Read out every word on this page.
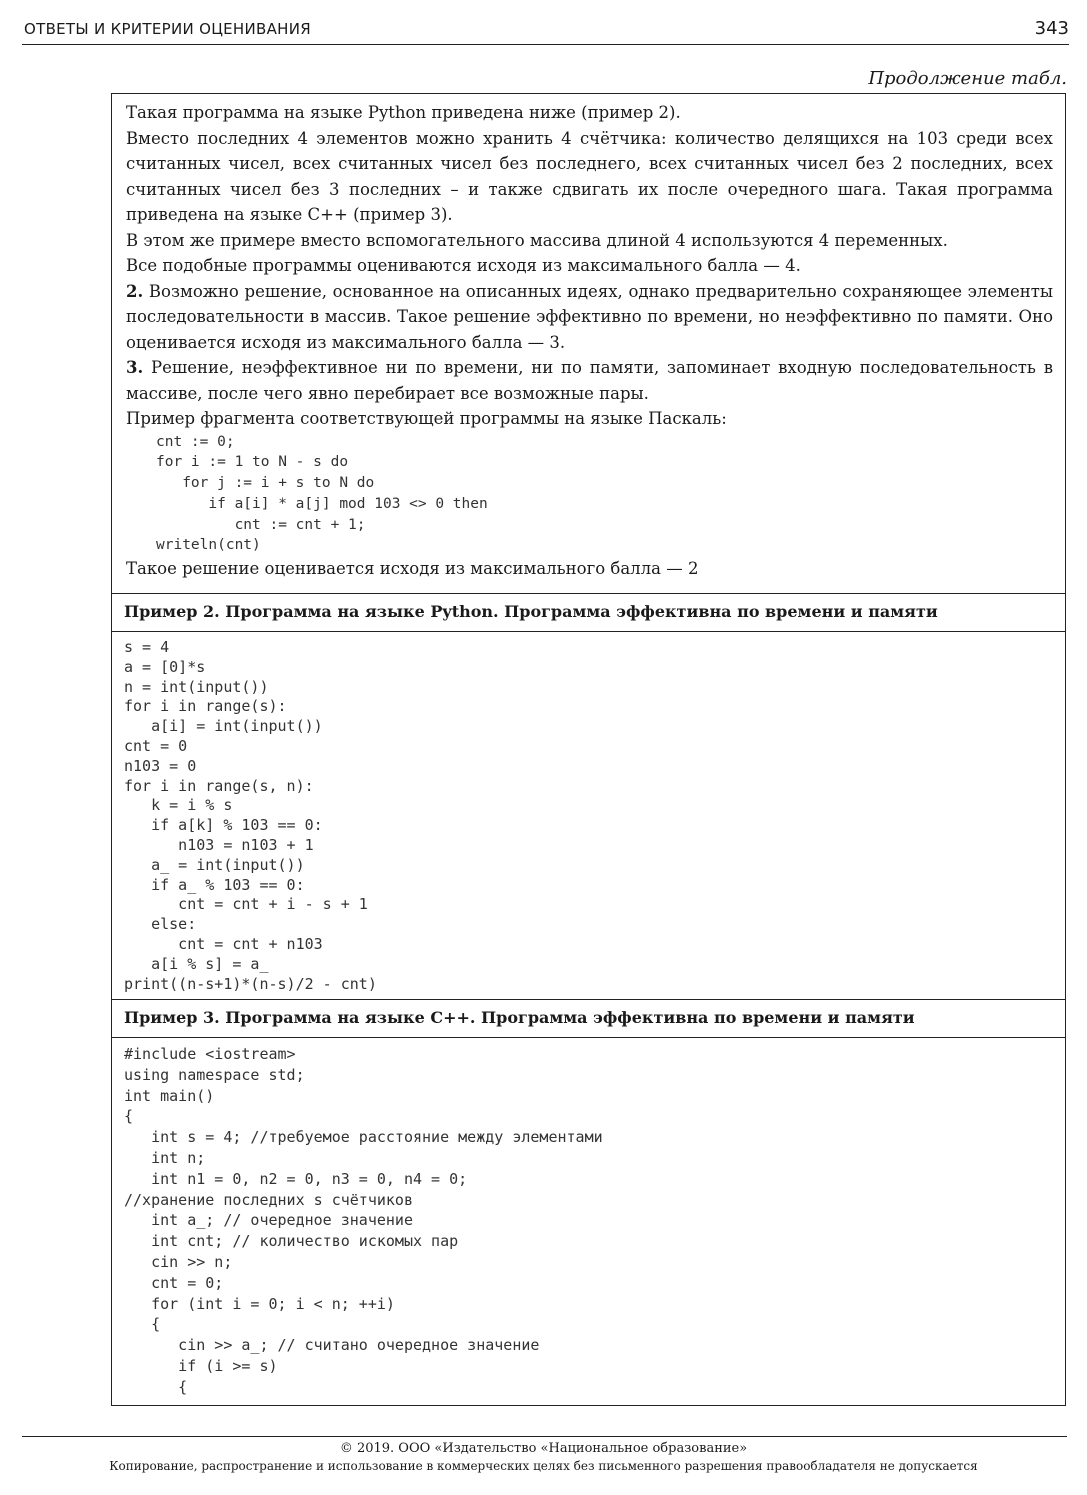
ОТВЕТЫ И КРИТЕРИИ ОЦЕНИВАНИЯ	343
Продолжение табл.

Такая программа на языке Python приведена ниже (пример 2).

Вместо последних 4 элементов можно хранить 4 счётчика: количество делящихся на 103 среди всех считанных чисел, всех считанных чисел без последнего, всех считанных чисел без 2 последних, всех считанных чисел без 3 последних – и также сдвигать их после очередного шага. Такая программа приведена на языке C++ (пример 3).

В этом же примере вместо вспомогательного массива длиной 4 используются 4 переменных.

Все подобные программы оцениваются исходя из максимального балла — 4.

2. Возможно решение, основанное на описанных идеях, однако предварительно сохраняющее элементы последовательности в массив. Такое решение эффективно по времени, но неэффективно по памяти. Оно оценивается исходя из максимального балла — 3.

3. Решение, неэффективное ни по времени, ни по памяти, запоминает входную последовательность в массиве, после чего явно перебирает все возможные пары.

Пример фрагмента соответствующей программы на языке Паскаль:

cnt := 0;
for i := 1 to N - s do
for j := i + s to N do
if a[i] * a[j] mod 103 <> 0 then
cnt := cnt + 1;
writeln(cnt)

Такое решение оценивается исходя из максимального балла — 2

Пример 2. Программа на языке Python. Программа эффективна по времени и памяти
s = 4
a = [0]*s
n = int(input())
for i in range(s):
a[i] = int(input())
cnt = 0
n103 = 0
for i in range(s, n):
k = i % s
if a[k] % 103 == 0:
n103 = n103 + 1
a_ = int(input())
if a_ % 103 == 0:
cnt = cnt + i - s + 1
else:
cnt = cnt + n103
a[i % s] = a_
print((n-s+1)*(n-s)/2 - cnt)
Пример 3. Программа на языке C++. Программа эффективна по времени и памяти
#include <iostream>
using namespace std;
int main()
{
int s = 4; //требуемое расстояние между элементами
int n;
int n1 = 0, n2 = 0, n3 = 0, n4 = 0;
//хранение последних s счётчиков
int a_; // очередное значение
int cnt; // количество искомых пар
cin >> n;
cnt = 0;
for (int i = 0; i < n; ++i)
{
cin >> a_; // считано очередное значение
if (i >= s)
{
© 2019. ООО «Издательство «Национальное образование»
Копирование, распространение и использование в коммерческих целях без письменного разрешения правообладателя не допускается
